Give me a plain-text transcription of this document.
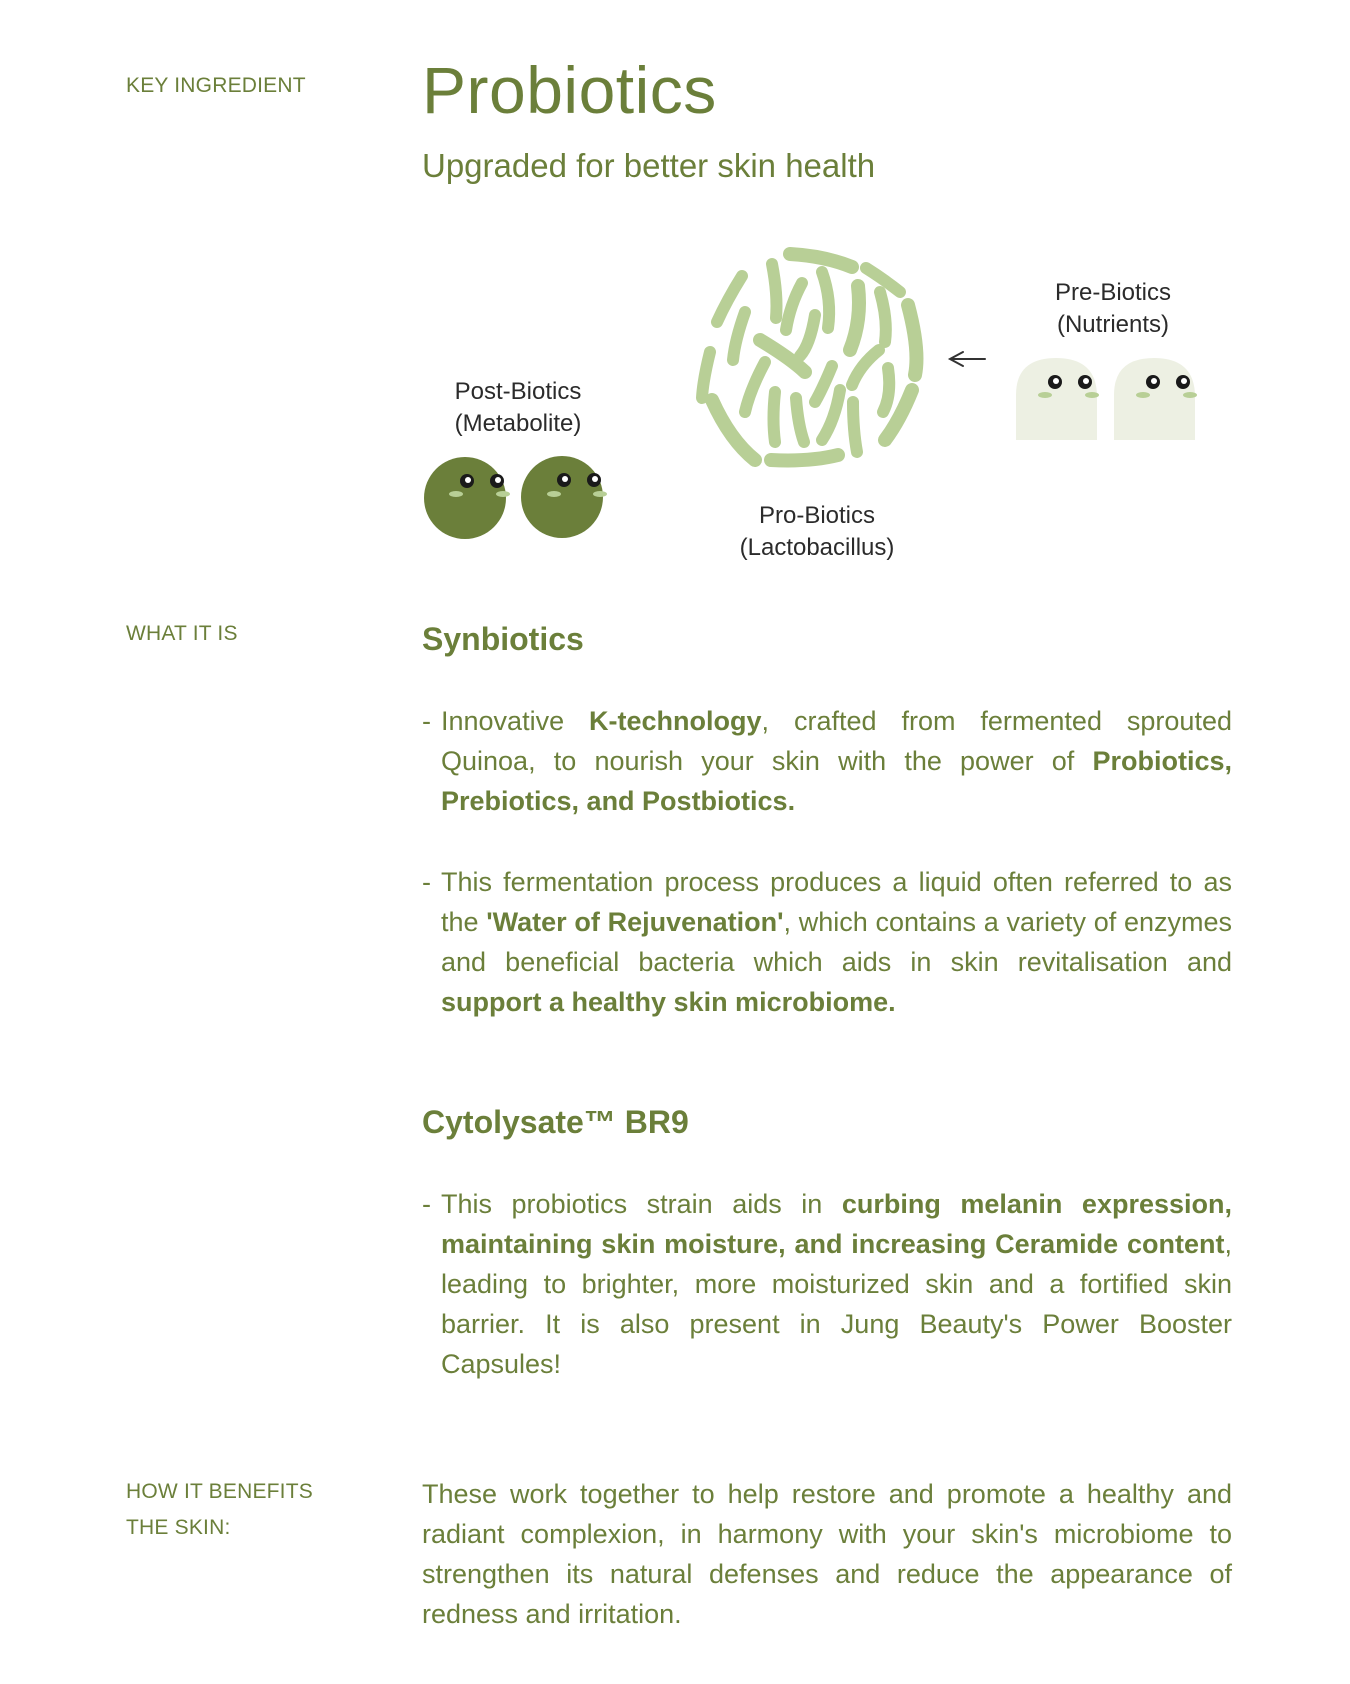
KEY INGREDIENT Probiotics
Upgraded for better skin health
Post-Biotics
(Metabolite)
Pro-Biotics
(Lactobacillus)
Pre-Biotics
(Nutrients)
WHAT IT IS	Synbiotics
- Innovative K-technology, crafted from fermented sprouted Quinoa, to nourish your skin with the power of Probiotics, Prebiotics, and Postbiotics.
- This fermentation process produces a liquid often referred to as the 'Water of Rejuvenation', which contains a variety of enzymes and beneficial bacteria which aids in skin revitalisation and support a healthy skin microbiome.
Cytolysate™ BR9
- This probiotics strain aids in curbing melanin expression, maintaining skin moisture, and increasing Ceramide content, leading to brighter, more moisturized skin and a fortified skin barrier. It is also present in Jung Beauty's Power Booster Capsules!
HOW IT BENEFITS
THE SKIN:
These work together to help restore and promote a healthy and radiant complexion, in harmony with your skin's microbiome to strengthen its natural defenses and reduce the appearance of redness and irritation.
